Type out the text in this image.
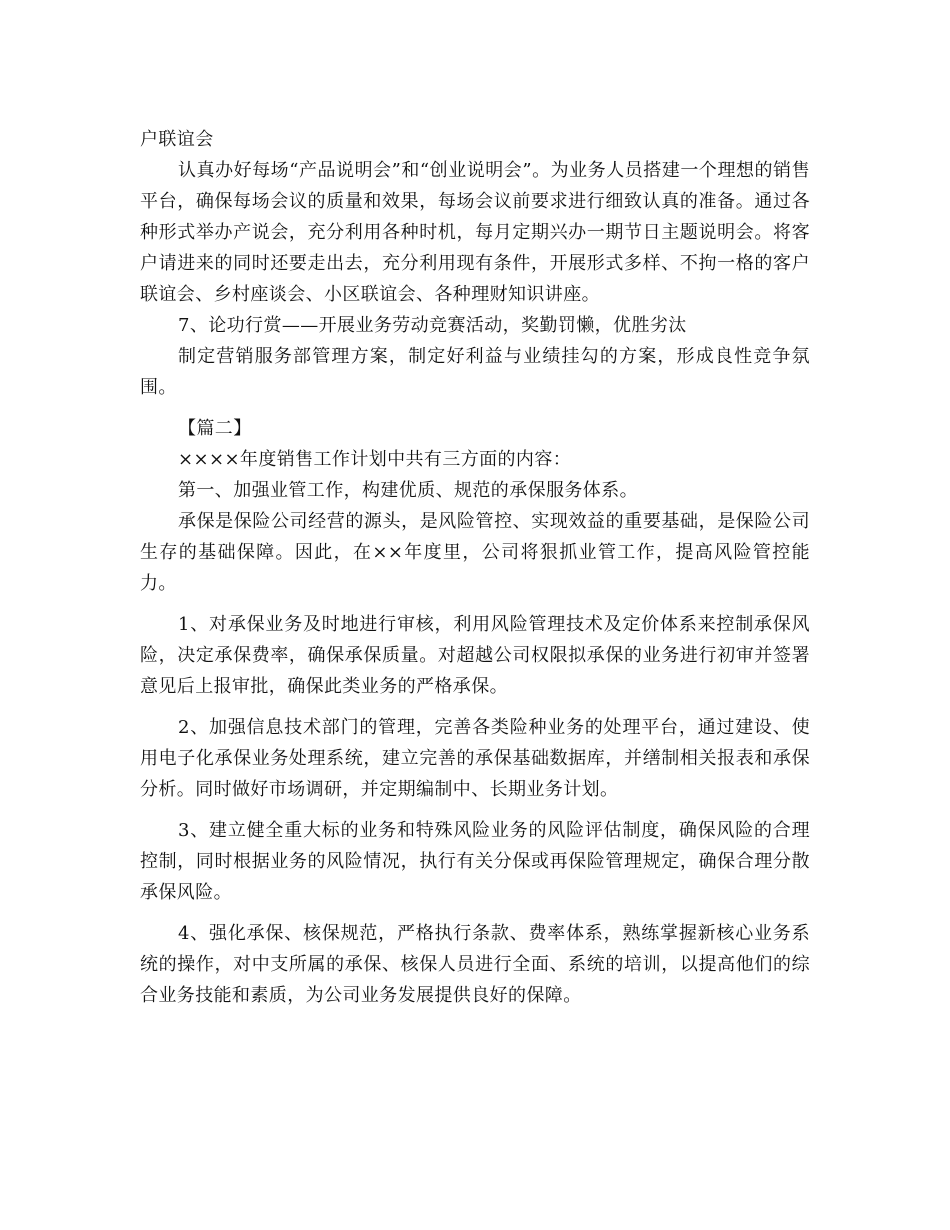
户联谊会

认真办好每场“产品说明会”和“创业说明会”。为业务人员搭建一个理想的销售平台，确保每场会议的质量和效果，每场会议前要求进行细致认真的准备。通过各种形式举办产说会，充分利用各种时机，每月定期兴办一期节日主题说明会。将客户请进来的同时还要走出去，充分利用现有条件，开展形式多样、不拘一格的客户联谊会、乡村座谈会、小区联谊会、各种理财知识讲座。

7、论功行赏——开展业务劳动竞赛活动，奖勤罚懒，优胜劣汰

制定营销服务部管理方案，制定好利益与业绩挂勾的方案，形成良性竞争氛围。

【篇二】

××××年度销售工作计划中共有三方面的内容：

第一、加强业管工作，构建优质、规范的承保服务体系。

承保是保险公司经营的源头，是风险管控、实现效益的重要基础，是保险公司生存的基础保障。因此，在××年度里，公司将狠抓业管工作，提高风险管控能力。

1、对承保业务及时地进行审核，利用风险管理技术及定价体系来控制承保风险，决定承保费率，确保承保质量。对超越公司权限拟承保的业务进行初审并签署意见后上报审批，确保此类业务的严格承保。

2、加强信息技术部门的管理，完善各类险种业务的处理平台，通过建设、使用电子化承保业务处理系统，建立完善的承保基础数据库，并缮制相关报表和承保分析。同时做好市场调研，并定期编制中、长期业务计划。

3、建立健全重大标的业务和特殊风险业务的风险评估制度，确保风险的合理控制，同时根据业务的风险情况，执行有关分保或再保险管理规定，确保合理分散承保风险。

4、强化承保、核保规范，严格执行条款、费率体系，熟练掌握新核心业务系统的操作，对中支所属的承保、核保人员进行全面、系统的培训，以提高他们的综合业务技能和素质，为公司业务发展提供良好的保障。
